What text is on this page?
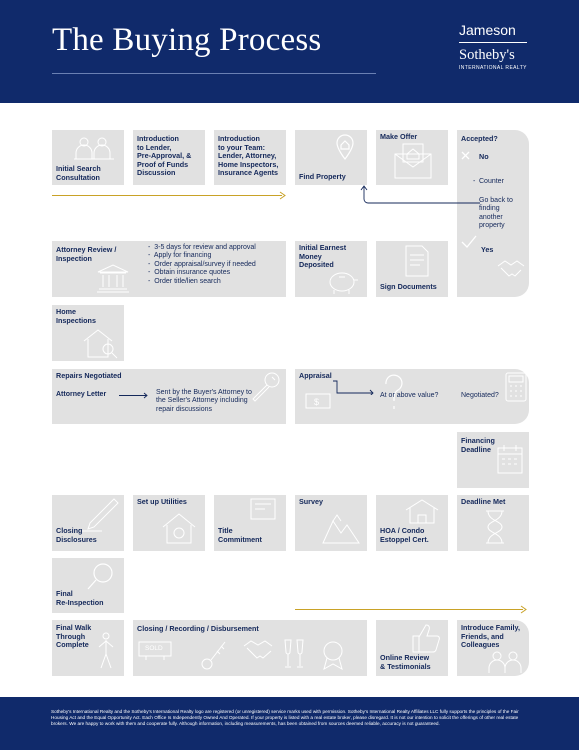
The Buying Process	Jameson
Sotheby's
INTERNATIONAL REALTY
Initial Search
Consultation
Introduction
to Lender,
Pre-Approval, &
Proof of Funds
Discussion
Introduction
to your Team:
Lender, Attorney,
Home Inspectors,
Insurance Agents	Find Property
Make Offer	Accepted?
No
- Counter
Go back to
finding
another
property
Yes
Attorney Review /
Inspection
-  3-5 days for review and approval
-  Apply for financing
-  Order appraisal/survey if needed
-  Obtain insurance quotes
-  Order title/lien search
Initial Earnest
Money
Deposited
Sign Documents
Home
Inspections
Repairs Negotiated
Attorney Letter	Sent by the Buyer's Attorney to
the Seller's Attorney including
repair discussions
Appraisal
$
At or above value?	Negotiated?
Financing
Deadline
Closing
Disclosures
Set up Utilities
Title
Commitment
Survey
HOA / Condo
Estoppel Cert.
Deadline Met
Final
Re-Inspection
Final Walk
Through
Complete
Closing / Recording / Disbursement
SOLD
Online Review
& Testimonials
Introduce Family,
Friends, and
Colleagues
Sotheby's International Realty and the Sotheby's International Realty logo are registered (or unregistered) service marks used with permission. Sotheby's International Realty Affiliates LLC fully supports the principles of the Fair Housing Act and the Equal Opportunity Act. Each Office Is Independently Owned And Operated. If your property is listed with a real estate broker, please disregard. It is not our intention to solicit the offerings of other real estate brokers. We are happy to work with them and cooperate fully. Although information, including measurements, has been obtained from sources deemed reliable, accuracy is not guaranteed.
